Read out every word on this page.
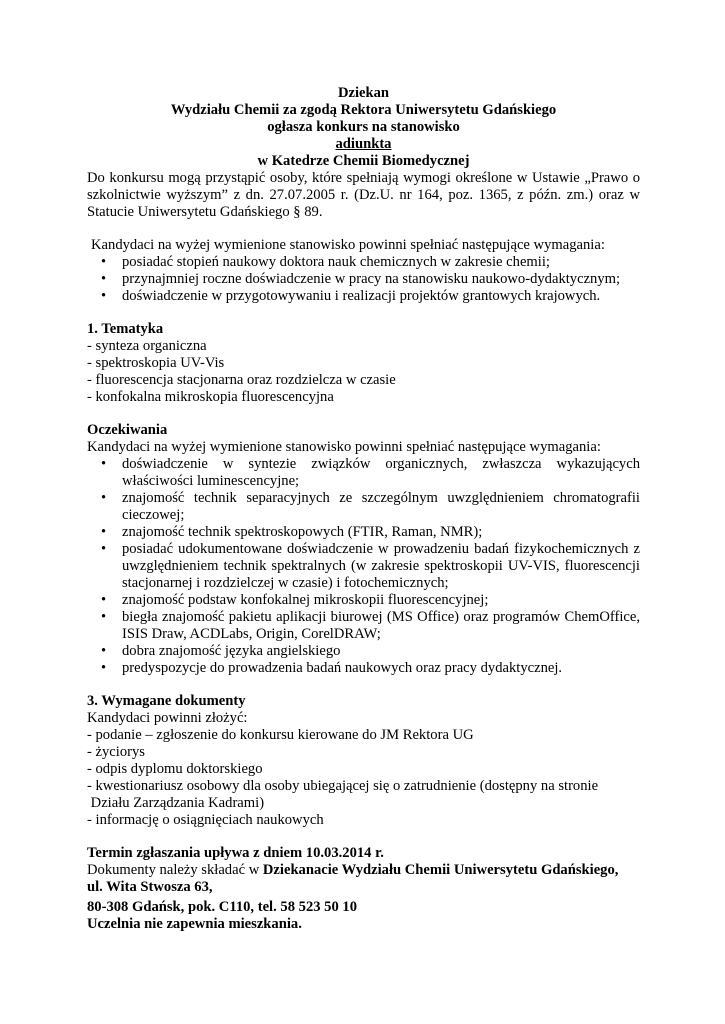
Dziekan

Wydziału Chemii za zgodą Rektora Uniwersytetu Gdańskiego

ogłasza konkurs na stanowisko

adiunkta

w Katedrze Chemii Biomedycznej

Do konkursu mogą przystąpić osoby, które spełniają wymogi określone w Ustawie „Prawo o szkolnictwie wyższym” z dn. 27.07.2005 r. (Dz.U. nr 164, poz. 1365, z późn. zm.) oraz w Statucie Uniwersytetu Gdańskiego § 89.

Kandydaci na wyżej wymienione stanowisko powinni spełniać następujące wymagania:

• posiadać stopień naukowy doktora nauk chemicznych w zakresie chemii;
• przynajmniej roczne doświadczenie w pracy na stanowisku naukowo-dydaktycznym;
• doświadczenie w przygotowywaniu i realizacji projektów grantowych krajowych.

1. Tematyka

- synteza organiczna

- spektroskopia UV-Vis

- fluorescencja stacjonarna oraz rozdzielcza w czasie

- konfokalna mikroskopia fluorescencyjna

Oczekiwania

Kandydaci na wyżej wymienione stanowisko powinni spełniać następujące wymagania:

• doświadczenie w syntezie związków organicznych, zwłaszcza wykazujących właściwości luminescencyjne;
• znajomość technik separacyjnych ze szczególnym uwzględnieniem chromatografii cieczowej;
• znajomość technik spektroskopowych (FTIR, Raman, NMR);
• posiadać udokumentowane doświadczenie w prowadzeniu badań fizykochemicznych z uwzględnieniem technik spektralnych (w zakresie spektroskopii UV-VIS, fluorescencji stacjonarnej i rozdzielczej w czasie) i fotochemicznych;
• znajomość podstaw konfokalnej mikroskopii fluorescencyjnej;
• biegła znajomość pakietu aplikacji biurowej (MS Office) oraz programów ChemOffice, ISIS Draw, ACDLabs, Origin, CorelDRAW;
• dobra znajomość języka angielskiego
• predyspozycje do prowadzenia badań naukowych oraz pracy dydaktycznej.

3. Wymagane dokumenty

Kandydaci powinni złożyć:

- podanie – zgłoszenie do konkursu kierowane do JM Rektora UG

- życiorys

- odpis dyplomu doktorskiego

- kwestionariusz osobowy dla osoby ubiegającej się o zatrudnienie (dostępny na stronie

Działu Zarządzania Kadrami)

- informację o osiągnięciach naukowych

Termin zgłaszania upływa z dniem 10.03.2014 r.

Dokumenty należy składać w Dziekanacie Wydziału Chemii Uniwersytetu Gdańskiego,

ul. Wita Stwosza 63,

80-308 Gdańsk, pok. C110, tel. 58 523 50 10

Uczelnia nie zapewnia mieszkania.
